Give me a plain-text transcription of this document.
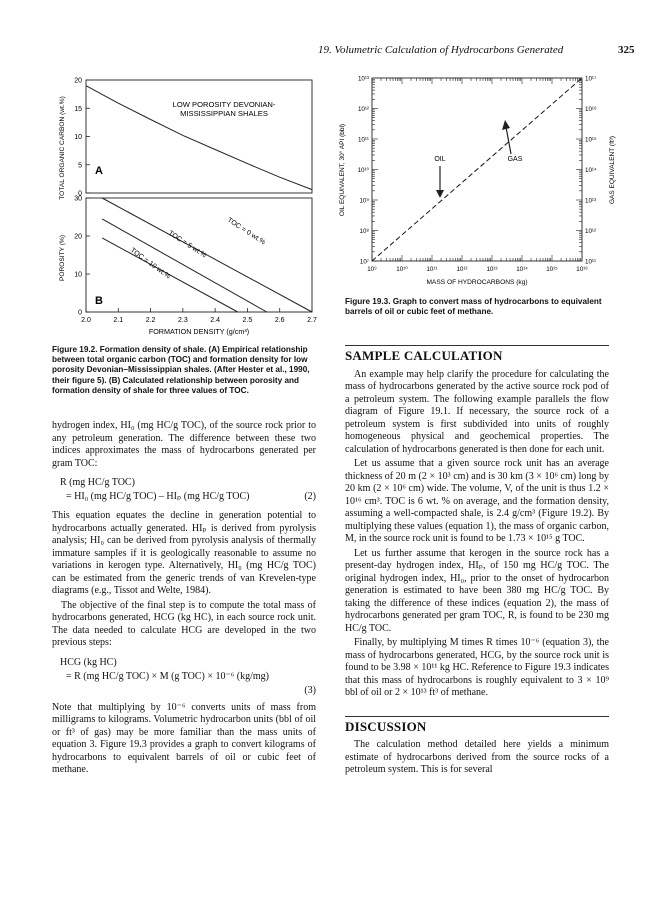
19. Volumetric Calculation of Hydrocarbons Generated	325
20
15
10
5
0
30
20
10
0
2.0	2.1	2.2	2.3	2.4	2.5	2.6	2.7
LOW POROSITY DEVONIAN-
MISSISSIPPIAN SHALES
A
B
TOC = 0 wt.%
TOC = 5 wt.%
TOC = 10 wt.%
TOTAL ORGANIC CARBON (wt.%)
POROSITY (%)
FORMATION DENSITY (g/cm³)
Figure 19.2. Formation density of shale. (A) Empirical relationship between total organic carbon (TOC) and formation density for low porosity Devonian–Mississippian shales. (After Hester et al., 1990, their figure 5). (B) Calculated relationship between porosity and formation density of shale for three values of TOC.
10⁹	10¹⁰	10¹¹	10¹²	10¹³	10¹⁴	10¹⁵	10¹⁶
10¹³
10¹²
10¹¹
10¹⁰
10⁹
10⁸
10⁷
10¹⁷
10¹⁶
10¹⁵
10¹⁴
10¹³
10¹²
10¹¹
OIL	GAS
OIL EQUIVALENT, 30° API (bbl)	GAS EQUIVALENT (ft³)
MASS OF HYDROCARBONS (kg)
Figure 19.3. Graph to convert mass of hydrocarbons to equivalent barrels of oil or cubic feet of methane.

hydrogen index, HI₀ (mg HC/g TOC), of the source rock prior to any petroleum generation. The difference between these two indices approximates the mass of hydrocarbons generated per gram TOC:

R (mg HC/g TOC)
= HI₀ (mg HC/g TOC) – HIₚ (mg HC/g TOC)	(2)

This equation equates the decline in generation potential to hydrocarbons actually generated. HIₚ is derived from pyrolysis analysis; HI₀ can be derived from pyrolysis analysis of thermally immature samples if it is geologically reasonable to assume no variations in kerogen type. Alternatively, HI₀ (mg HC/g TOC) can be estimated from the generic trends of van Krevelen-type diagrams (e.g., Tissot and Welte, 1984).

The objective of the final step is to compute the total mass of hydrocarbons generated, HCG (kg HC), in each source rock unit. The data needed to calculate HCG are developed in the two previous steps:

HCG (kg HC)
= R (mg HC/g TOC) × M (g TOC) × 10⁻⁶ (kg/mg)
(3)

Note that multiplying by 10⁻⁶ converts units of mass from milligrams to kilograms. Volumetric hydrocarbon units (bbl of oil or ft³ of gas) may be more familiar than the mass units of equation 3. Figure 19.3 provides a graph to convert kilograms of hydrocarbons to equivalent barrels of oil or cubic feet of methane.

SAMPLE CALCULATION

An example may help clarify the procedure for calculating the mass of hydrocarbons generated by the active source rock pod of a petroleum system. The following example parallels the flow diagram of Figure 19.1. If necessary, the source rock of a petroleum system is first subdivided into units of roughly homogeneous physical and geochemical properties. The calculation of hydrocarbons generated is then done for each unit.

Let us assume that a given source rock unit has an average thickness of 20 m (2 × 10³ cm) and is 30 km (3 × 10⁶ cm) long by 20 km (2 × 10⁶ cm) wide. The volume, V, of the unit is thus 1.2 × 10¹⁶ cm³. TOC is 6 wt. % on average, and the formation density, assuming a well-compacted shale, is 2.4 g/cm³ (Figure 19.2). By multiplying these values (equation 1), the mass of organic carbon, M, in the source rock unit is found to be 1.73 × 10¹⁵ g TOC.

Let us further assume that kerogen in the source rock has a present-day hydrogen index, HIₚ, of 150 mg HC/g TOC. The original hydrogen index, HI₀, prior to the onset of hydrocarbon generation is estimated to have been 380 mg HC/g TOC. By taking the difference of these indices (equation 2), the mass of hydrocarbons generated per gram TOC, R, is found to be 230 mg HC/g TOC.

Finally, by multiplying M times R times 10⁻⁶ (equation 3), the mass of hydrocarbons generated, HCG, by the source rock unit is found to be 3.98 × 10¹¹ kg HC. Reference to Figure 19.3 indicates that this mass of hydrocarbons is roughly equivalent to 3 × 10⁹ bbl of oil or 2 × 10¹³ ft³ of methane.

DISCUSSION

The calculation method detailed here yields a minimum estimate of hydrocarbons derived from the source rocks of a petroleum system. This is for several
